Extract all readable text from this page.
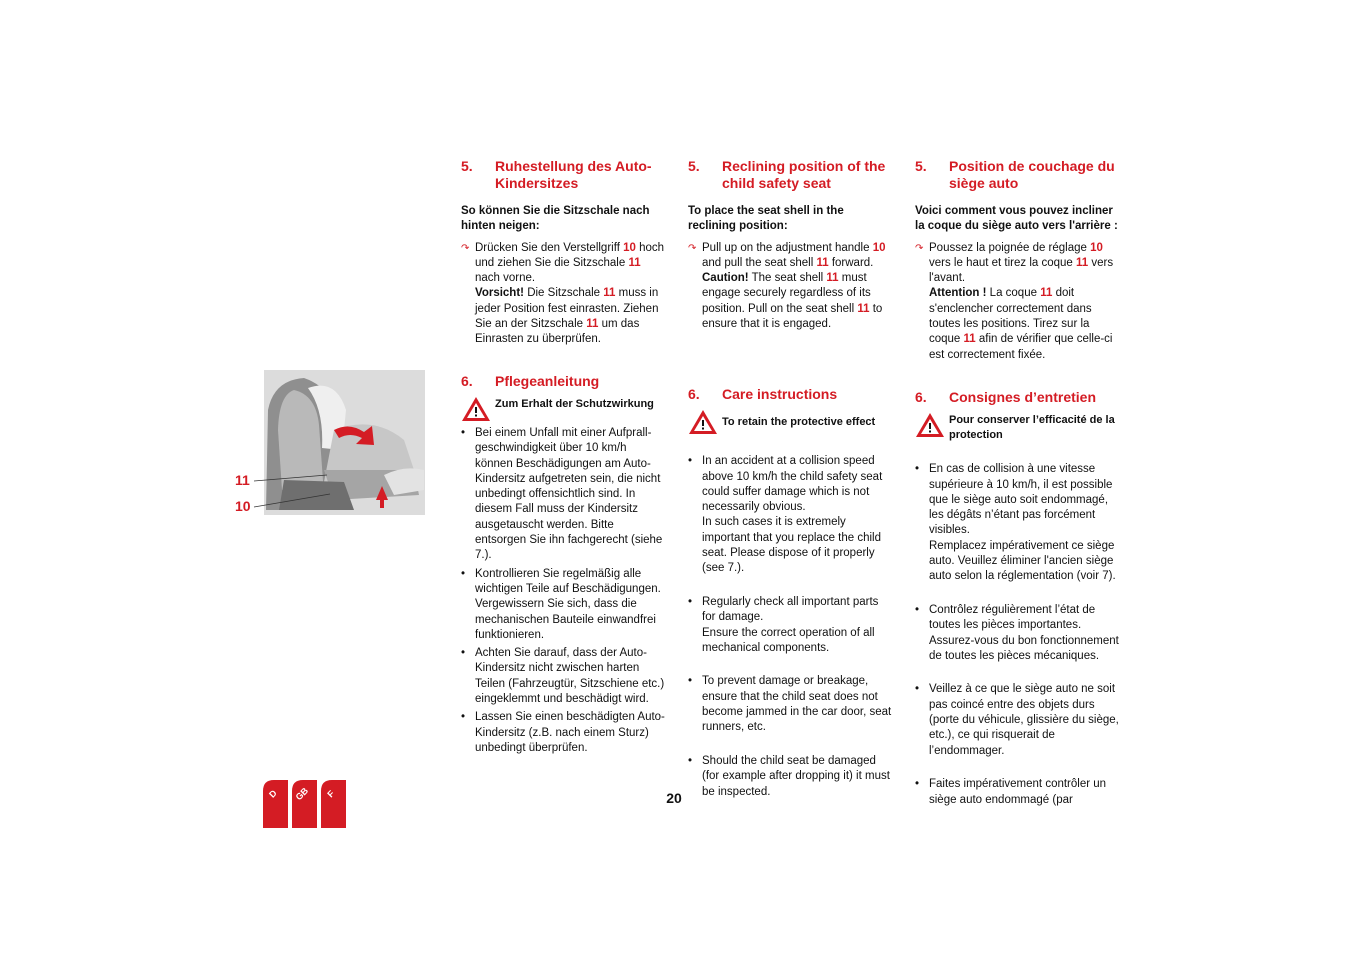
11
10
5.	Ruhestellung des Auto-Kindersitzes
So können Sie die Sitzschale nach hinten neigen:
↷ Drücken Sie den Verstellgriff 10 hoch und ziehen Sie die Sitzschale 11 nach vorne.
Vorsicht! Die Sitzschale 11 muss in jeder Position fest einrasten. Ziehen Sie an der Sitzschale 11 um das Einrasten zu überprüfen.
6.	Pflegeanleitung
Zum Erhalt der Schutzwirkung
• Bei einem Unfall mit einer Aufprall-geschwindigkeit über 10 km/h können Beschädigungen am Auto-Kindersitz aufgetreten sein, die nicht unbedingt offensichtlich sind. In diesem Fall muss der Kindersitz ausgetauscht werden. Bitte entsorgen Sie ihn fachgerecht (siehe 7.).
• Kontrollieren Sie regelmäßig alle wichtigen Teile auf Beschädigungen. Vergewissern Sie sich, dass die mechanischen Bauteile einwandfrei funktionieren.
• Achten Sie darauf, dass der Auto-Kindersitz nicht zwischen harten Teilen (Fahrzeugtür, Sitzschiene etc.) eingeklemmt und beschädigt wird.
• Lassen Sie einen beschädigten Auto-Kindersitz (z.B. nach einem Sturz) unbedingt überprüfen.
5.	Reclining position of the child safety seat
To place the seat shell in the reclining position:
↷ Pull up on the adjustment handle 10 and pull the seat shell 11 forward.
Caution! The seat shell 11 must engage securely regardless of its position. Pull on the seat shell 11 to ensure that it is engaged.
6.	Care instructions
To retain the protective effect

• In an accident at a collision speed above 10 km/h the child safety seat could suffer damage which is not necessarily obvious.
In such cases it is extremely important that you replace the child seat. Please dispose of it properly (see 7.).

• Regularly check all important parts for damage.
Ensure the correct operation of all mechanical components.

• To prevent damage or breakage, ensure that the child seat does not become jammed in the car door, seat runners, etc.

• Should the child seat be damaged (for example after dropping it) it must be inspected.

5.	Position de couchage du siège auto
Voici comment vous pouvez incliner la coque du siège auto vers l'arrière :
↷ Poussez la poignée de réglage 10 vers le haut et tirez la coque 11 vers l'avant.
Attention ! La coque 11 doit s'enclencher correctement dans toutes les positions. Tirez sur la coque 11 afin de vérifier que celle-ci est correctement fixée.
6.	Consignes d’entretien
Pour conserver l’efficacité de la protection

• En cas de collision à une vitesse supérieure à 10 km/h, il est possible que le siège auto soit endommagé, les dégâts n’étant pas forcément visibles.
Remplacez impérativement ce siège auto. Veuillez éliminer l'ancien siège auto selon la réglementation (voir 7).

• Contrôlez régulièrement l’état de toutes les pièces importantes. Assurez-vous du bon fonctionnement de toutes les pièces mécaniques.

• Veillez à ce que le siège auto ne soit pas coincé entre des objets durs (porte du véhicule, glissière du siège, etc.), ce qui risquerait de l’endommager.

• Faites impérativement contrôler un siège auto endommagé (par

20
D GB F
